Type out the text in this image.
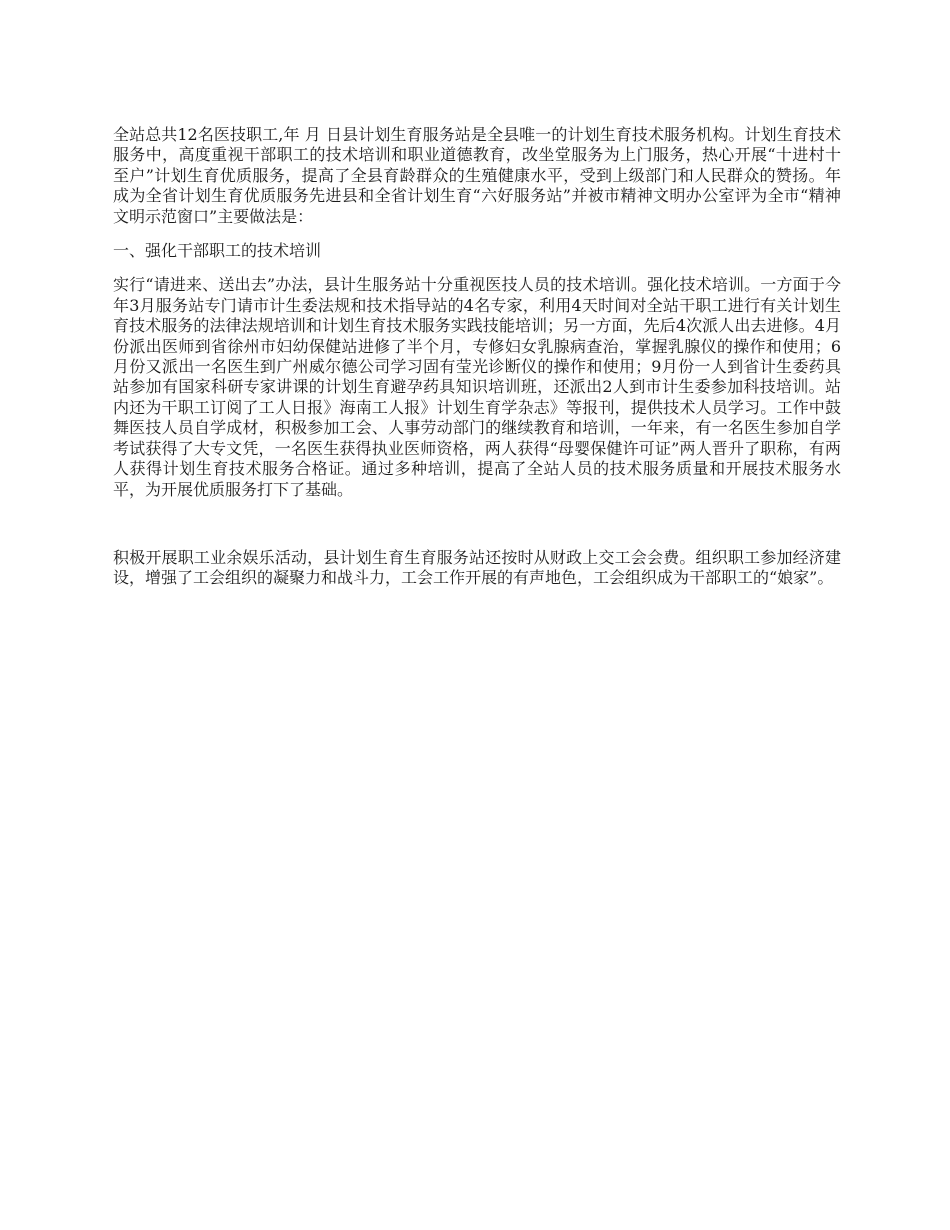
全站总共12名医技职工,年 月 日县计划生育服务站是全县唯一的计划生育技术服务机构。计划生育技术服务中，高度重视干部职工的技术培训和职业道德教育，改坐堂服务为上门服务，热心开展“十进村十至户”计划生育优质服务，提高了全县育龄群众的生殖健康水平，受到上级部门和人民群众的赞扬。年成为全省计划生育优质服务先进县和全省计划生育“六好服务站”并被市精神文明办公室评为全市“精神文明示范窗口”主要做法是：

一、强化干部职工的技术培训

实行“请进来、送出去”办法，县计生服务站十分重视医技人员的技术培训。强化技术培训。一方面于今年3月服务站专门请市计生委法规和技术指导站的4名专家，利用4天时间对全站干职工进行有关计划生育技术服务的法律法规培训和计划生育技术服务实践技能培训；另一方面，先后4次派人出去进修。4月份派出医师到省徐州市妇幼保健站进修了半个月，专修妇女乳腺病查治，掌握乳腺仪的操作和使用；6月份又派出一名医生到广州威尔德公司学习固有莹光诊断仪的操作和使用；9月份一人到省计生委药具站参加有国家科研专家讲课的计划生育避孕药具知识培训班，还派出2人到市计生委参加科技培训。站内还为干职工订阅了工人日报》海南工人报》计划生育学杂志》等报刊，提供技术人员学习。工作中鼓舞医技人员自学成材，积极参加工会、人事劳动部门的继续教育和培训，一年来，有一名医生参加自学考试获得了大专文凭，一名医生获得执业医师资格，两人获得“母婴保健许可证”两人晋升了职称，有两人获得计划生育技术服务合格证。通过多种培训，提高了全站人员的技术服务质量和开展技术服务水平，为开展优质服务打下了基础。

积极开展职工业余娱乐活动，县计划生育生育服务站还按时从财政上交工会会费。组织职工参加经济建设，增强了工会组织的凝聚力和战斗力，工会工作开展的有声地色，工会组织成为干部职工的“娘家”。
